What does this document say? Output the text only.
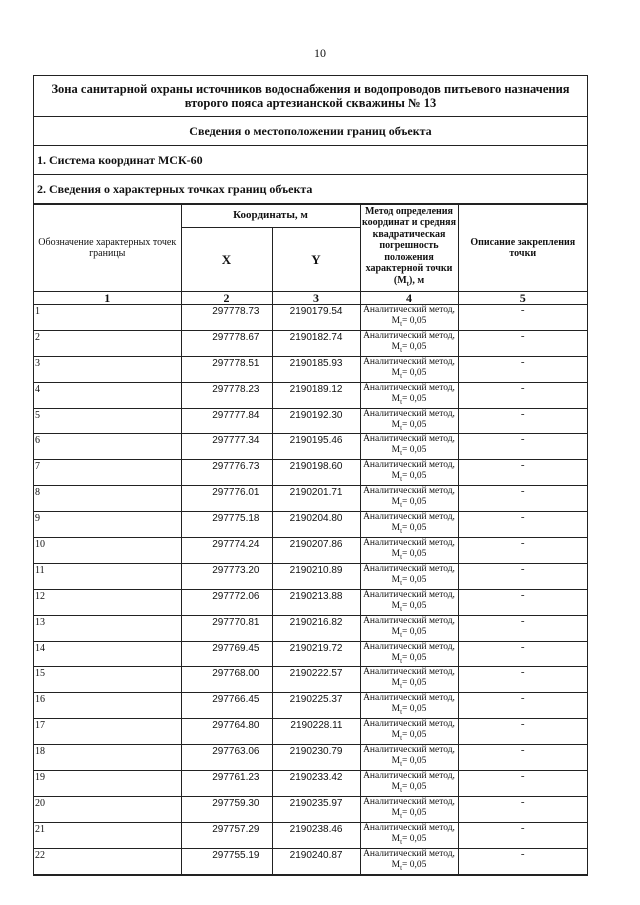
10
Зона санитарной охраны источников водоснабжения и водопроводов питьевого назначения
второго пояса артезианской скважины № 13
Сведения о местоположении границ объекта
1. Система координат МСК-60
2. Сведения о характерных точках границ объекта
Обозначение характерных точек границы	Координаты, м		Метод определения координат и средняя квадратическая погрешность положения характерной точки $(M_t)$, м	Описание закрепления точки
	X	Y		
1	2	3	4	5
1	297778.73	2190179.54	Аналитический метод,
$M_t= 0,05$	-
2	297778.67	2190182.74	Аналитический метод,
$M_t= 0,05$	-
3	297778.51	2190185.93	Аналитический метод,
$M_t= 0,05$	-
4	297778.23	2190189.12	Аналитический метод,
$M_t= 0,05$	-
5	297777.84	2190192.30	Аналитический метод,
$M_t= 0,05$	-
6	297777.34	2190195.46	Аналитический метод,
$M_t= 0,05$	-
7	297776.73	2190198.60	Аналитический метод,
$M_t= 0,05$	-
8	297776.01	2190201.71	Аналитический метод,
$M_t= 0,05$	-
9	297775.18	2190204.80	Аналитический метод,
$M_t= 0,05$	-
10	297774.24	2190207.86	Аналитический метод,
$M_t= 0,05$	-
11	297773.20	2190210.89	Аналитический метод,
$M_t= 0,05$	-
12	297772.06	2190213.88	Аналитический метод,
$M_t= 0,05$	-
13	297770.81	2190216.82	Аналитический метод,
$M_t= 0,05$	-
14	297769.45	2190219.72	Аналитический метод,
$M_t= 0,05$	-
15	297768.00	2190222.57	Аналитический метод,
$M_t= 0,05$	-
16	297766.45	2190225.37	Аналитический метод,
$M_t= 0,05$	-
17	297764.80	2190228.11	Аналитический метод,
$M_t= 0,05$	-
18	297763.06	2190230.79	Аналитический метод,
$M_t= 0,05$	-
19	297761.23	2190233.42	Аналитический метод,
$M_t= 0,05$	-
20	297759.30	2190235.97	Аналитический метод,
$M_t= 0,05$	-
21	297757.29	2190238.46	Аналитический метод,
$M_t= 0,05$	-
22	297755.19	2190240.87	Аналитический метод,
$M_t= 0,05$	-
